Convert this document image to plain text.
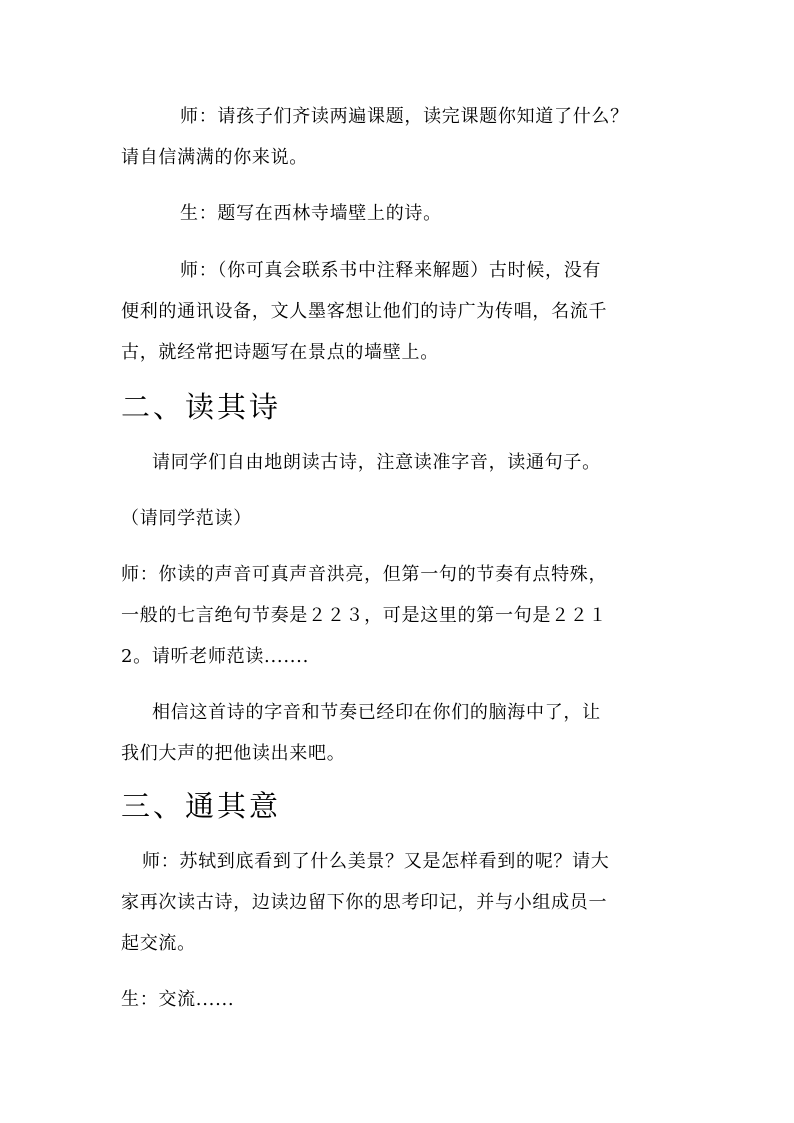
师：请孩子们齐读两遍课题，读完课题你知道了什么？

请自信满满的你来说。

生：题写在西林寺墙壁上的诗。

师：（你可真会联系书中注释来解题）古时候，没有

便利的通讯设备，文人墨客想让他们的诗广为传唱，名流千

古，就经常把诗题写在景点的墙壁上。

二、读其诗

请同学们自由地朗读古诗，注意读准字音，读通句子。

（请同学范读）

师：你读的声音可真声音洪亮，但第一句的节奏有点特殊，

一般的七言绝句节奏是２２３，可是这里的第一句是２２１

2。请听老师范读.......

相信这首诗的字音和节奏已经印在你们的脑海中了，让

我们大声的把他读出来吧。

三、通其意

师：苏轼到底看到了什么美景？又是怎样看到的呢？请大

家再次读古诗，边读边留下你的思考印记，并与小组成员一

起交流。

生：交流......
